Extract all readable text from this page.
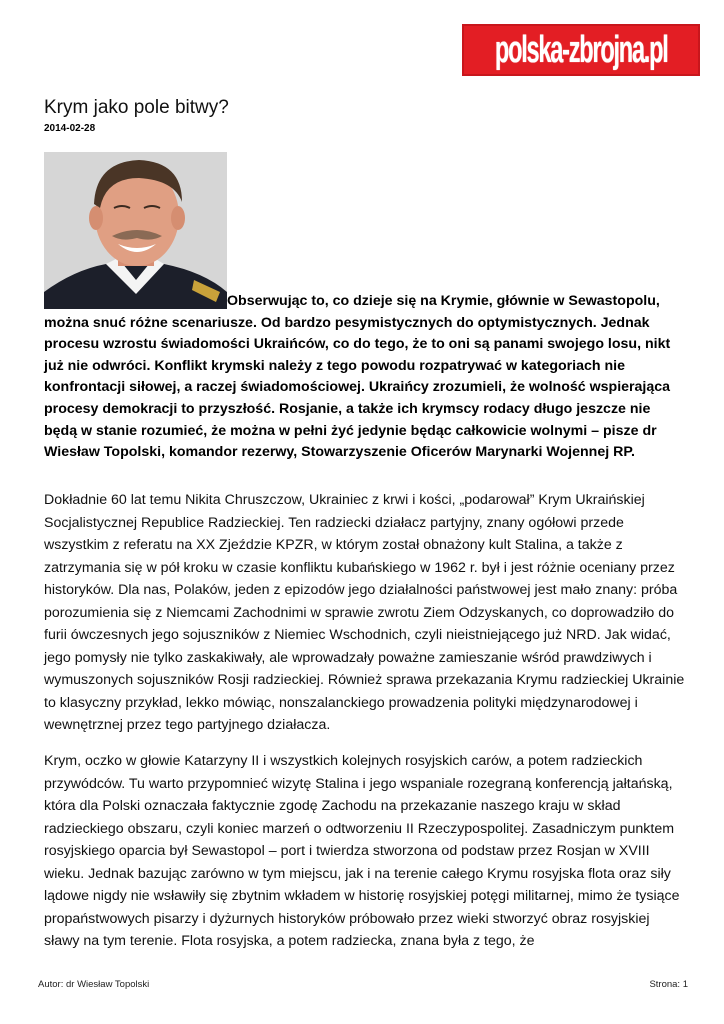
polska-zbrojna.pl
Krym jako pole bitwy?
2014-02-28

Obserwując to, co dzieje się na Krymie, głównie w Sewastopolu, można snuć różne scenariusze. Od bardzo pesymistycznych do optymistycznych. Jednak procesu wzrostu świadomości Ukraińców, co do tego, że to oni są panami swojego losu, nikt już nie odwróci. Konflikt krymski należy z tego powodu rozpatrywać w kategoriach nie konfrontacji siłowej, a raczej świadomościowej. Ukraińcy zrozumieli, że wolność wspierająca procesy demokracji to przyszłość. Rosjanie, a także ich krymscy rodacy długo jeszcze nie będą w stanie rozumieć, że można w pełni żyć jedynie będąc całkowicie wolnymi – pisze dr Wiesław Topolski, komandor rezerwy, Stowarzyszenie Oficerów Marynarki Wojennej RP.

Dokładnie 60 lat temu Nikita Chruszczow, Ukrainiec z krwi i kości, „podarował” Krym Ukraińskiej Socjalistycznej Republice Radzieckiej. Ten radziecki działacz partyjny, znany ogółowi przede wszystkim z referatu na XX Zjeździe KPZR, w którym został obnażony kult Stalina, a także z zatrzymania się w pół kroku w czasie konfliktu kubańskiego w 1962 r. był i jest różnie oceniany przez historyków. Dla nas, Polaków, jeden z epizodów jego działalności państwowej jest mało znany: próba porozumienia się z Niemcami Zachodnimi w sprawie zwrotu Ziem Odzyskanych, co doprowadziło do furii ówczesnych jego sojuszników z Niemiec Wschodnich, czyli nieistniejącego już NRD. Jak widać, jego pomysły nie tylko zaskakiwały, ale wprowadzały poważne zamieszanie wśród prawdziwych i wymuszonych sojuszników Rosji radzieckiej. Również sprawa przekazania Krymu radzieckiej Ukrainie to klasyczny przykład, lekko mówiąc, nonszalanckiego prowadzenia polityki międzynarodowej i wewnętrznej przez tego partyjnego działacza.

Krym, oczko w głowie Katarzyny II i wszystkich kolejnych rosyjskich carów, a potem radzieckich przywódców. Tu warto przypomnieć wizytę Stalina i jego wspaniale rozegraną konferencją jałtańską, która dla Polski oznaczała faktycznie zgodę Zachodu na przekazanie naszego kraju w skład radzieckiego obszaru, czyli koniec marzeń o odtworzeniu II Rzeczypospolitej. Zasadniczym punktem rosyjskiego oparcia był Sewastopol – port i twierdza stworzona od podstaw przez Rosjan w XVIII wieku. Jednak bazując zarówno w tym miejscu, jak i na terenie całego Krymu rosyjska flota oraz siły lądowe nigdy nie wsławiły się zbytnim wkładem w historię rosyjskiej potęgi militarnej, mimo że tysiące propaństwowych pisarzy i dyżurnych historyków próbowało przez wieki stworzyć obraz rosyjskiej sławy na tym terenie. Flota rosyjska, a potem radziecka, znana była z tego, że

Autor: dr Wiesław Topolski	Strona: 1
